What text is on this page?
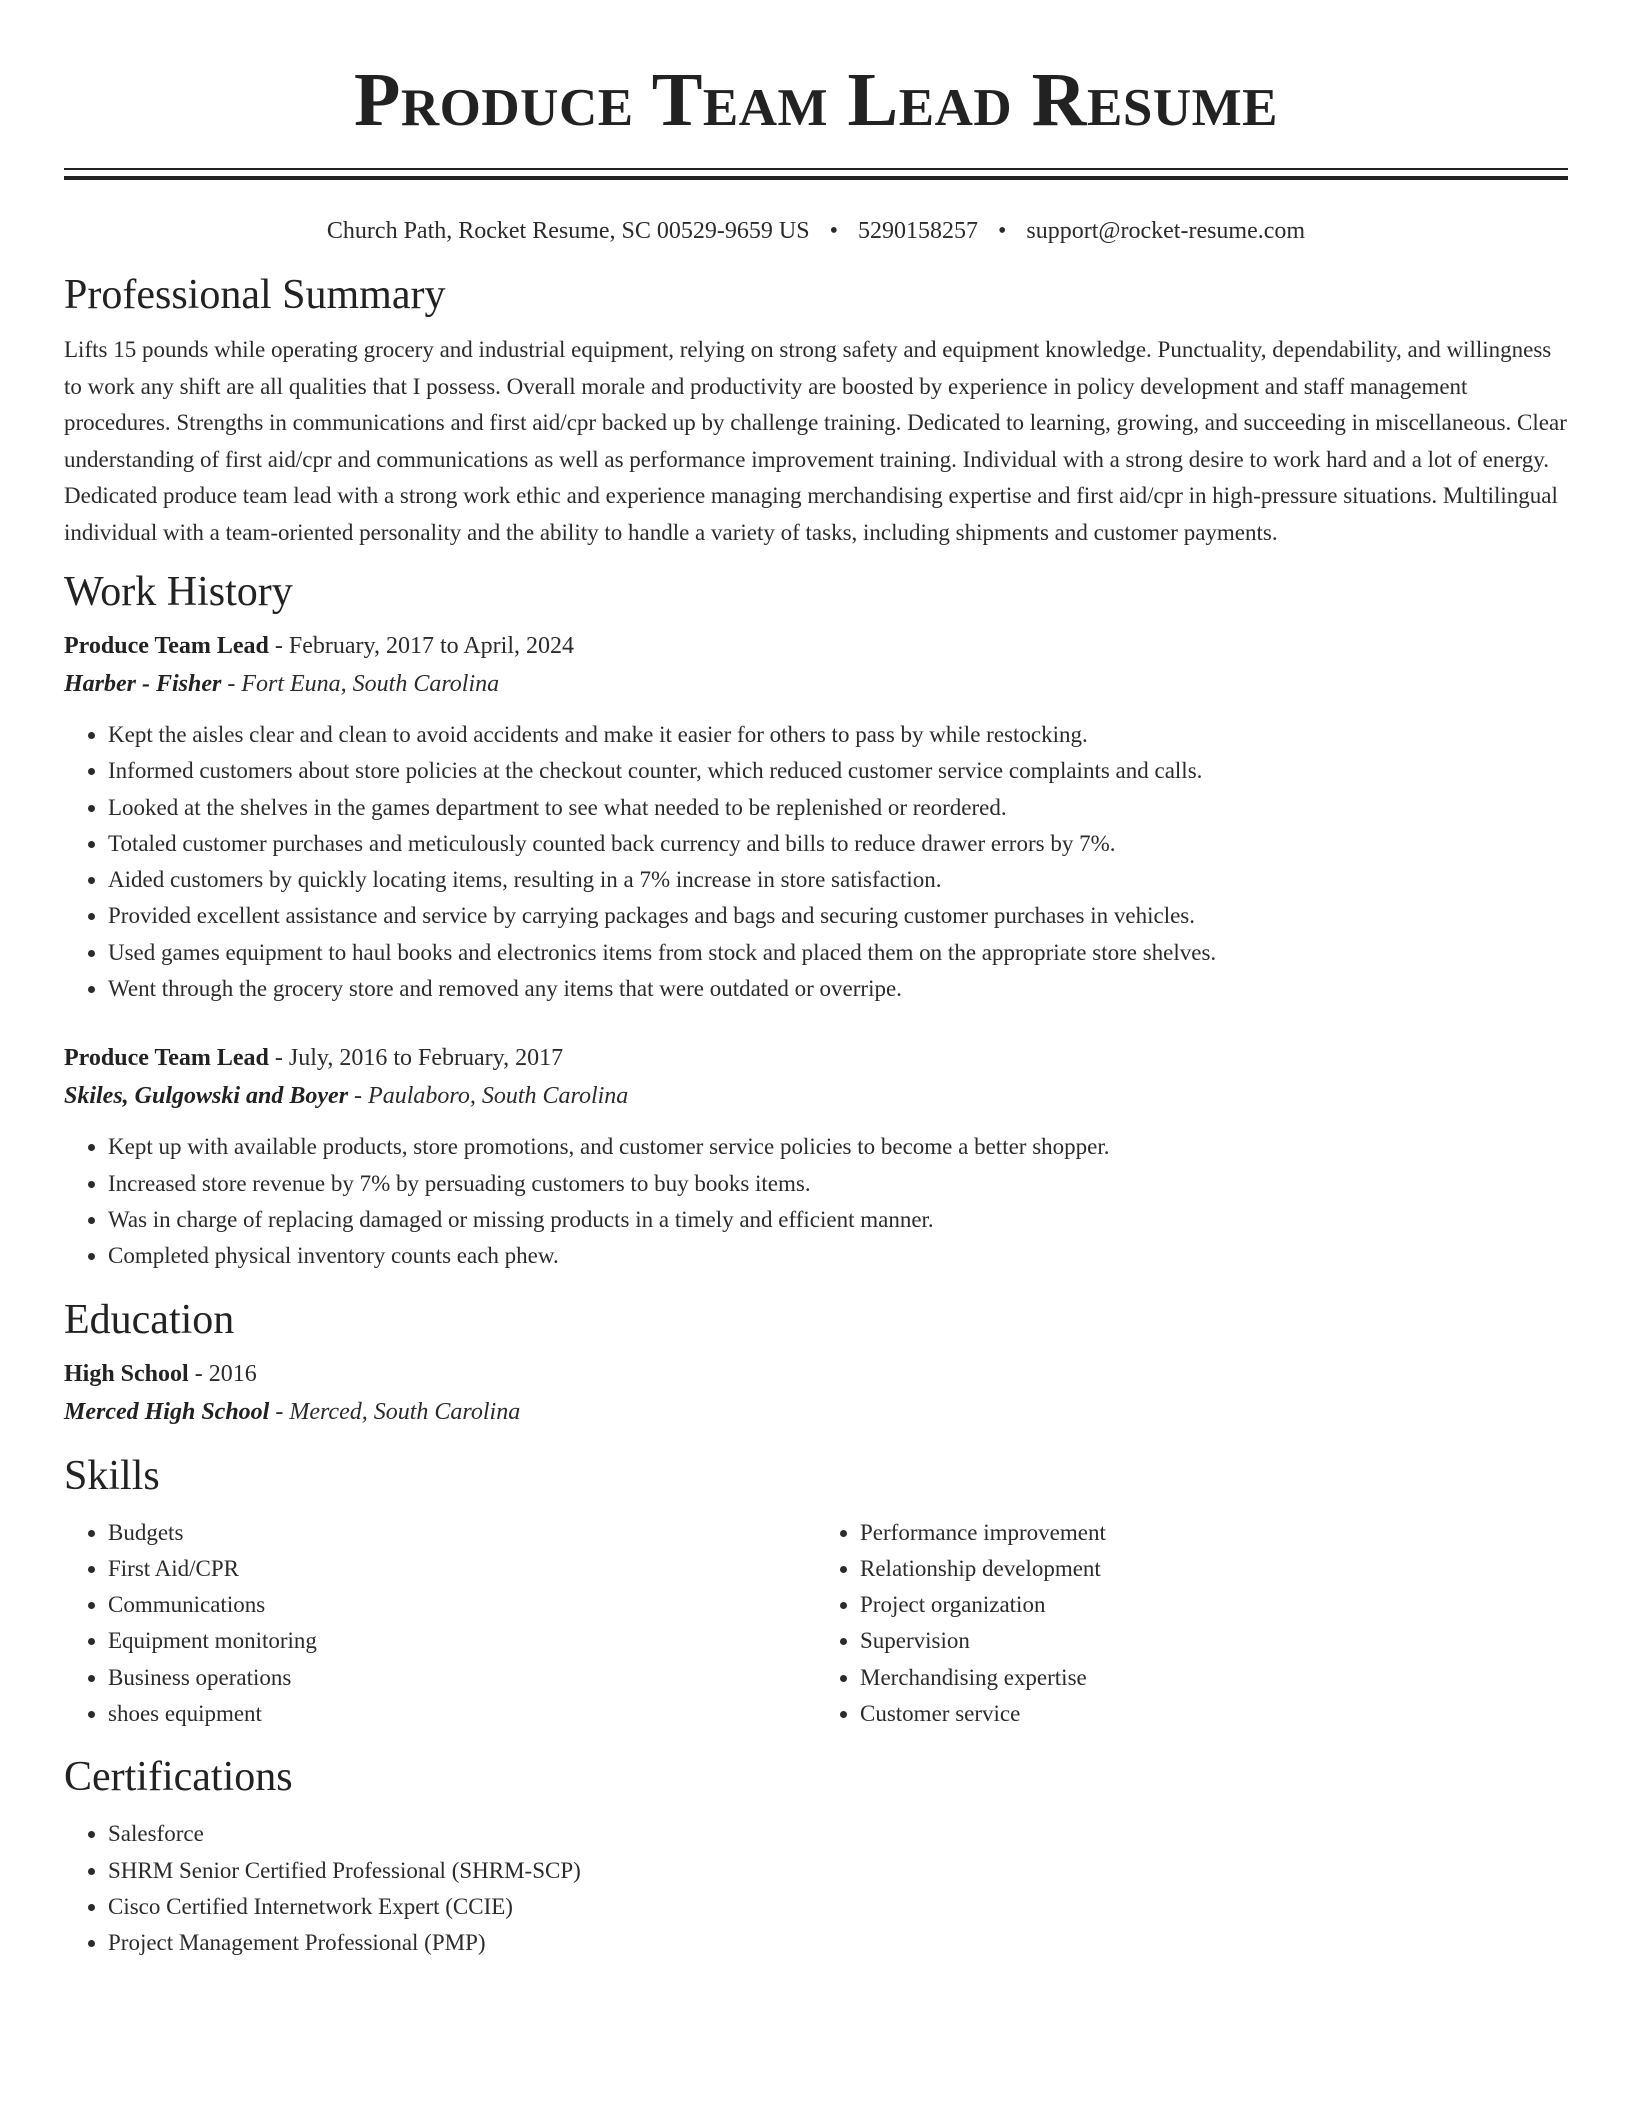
Produce Team Lead Resume
Church Path, Rocket Resume, SC 00529-9659 US • 5290158257 • support@rocket-resume.com
Professional Summary

Lifts 15 pounds while operating grocery and industrial equipment, relying on strong safety and equipment knowledge. Punctuality, dependability, and willingness to work any shift are all qualities that I possess. Overall morale and productivity are boosted by experience in policy development and staff management procedures. Strengths in communications and first aid/cpr backed up by challenge training. Dedicated to learning, growing, and succeeding in miscellaneous. Clear understanding of first aid/cpr and communications as well as performance improvement training. Individual with a strong desire to work hard and a lot of energy. Dedicated produce team lead with a strong work ethic and experience managing merchandising expertise and first aid/cpr in high-pressure situations. Multilingual individual with a team-oriented personality and the ability to handle a variety of tasks, including shipments and customer payments.

Work History
Produce Team Lead - February, 2017 to April, 2024
Harber - Fisher - Fort Euna, South Carolina
• Kept the aisles clear and clean to avoid accidents and make it easier for others to pass by while restocking.
• Informed customers about store policies at the checkout counter, which reduced customer service complaints and calls.
• Looked at the shelves in the games department to see what needed to be replenished or reordered.
• Totaled customer purchases and meticulously counted back currency and bills to reduce drawer errors by 7%.
• Aided customers by quickly locating items, resulting in a 7% increase in store satisfaction.
• Provided excellent assistance and service by carrying packages and bags and securing customer purchases in vehicles.
• Used games equipment to haul books and electronics items from stock and placed them on the appropriate store shelves.
• Went through the grocery store and removed any items that were outdated or overripe.
Produce Team Lead - July, 2016 to February, 2017
Skiles, Gulgowski and Boyer - Paulaboro, South Carolina
• Kept up with available products, store promotions, and customer service policies to become a better shopper.
• Increased store revenue by 7% by persuading customers to buy books items.
• Was in charge of replacing damaged or missing products in a timely and efficient manner.
• Completed physical inventory counts each phew.
Education
High School - 2016
Merced High School - Merced, South Carolina
Skills
• Budgets
• First Aid/CPR
• Communications
• Equipment monitoring
• Business operations
• shoes equipment
• Performance improvement
• Relationship development
• Project organization
• Supervision
• Merchandising expertise
• Customer service
Certifications
• Salesforce
• SHRM Senior Certified Professional (SHRM-SCP)
• Cisco Certified Internetwork Expert (CCIE)
• Project Management Professional (PMP)
